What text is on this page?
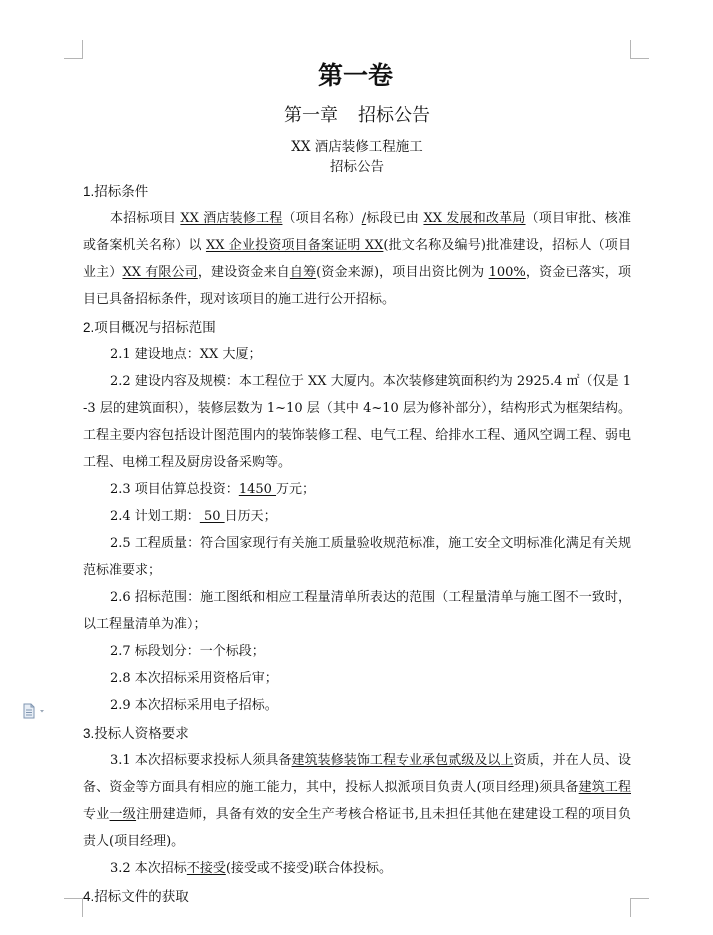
第一卷
第一章 招标公告
XX 酒店装修工程施工
招标公告
1.招标条件
本招标项目 XX 酒店装修工程（项目名称）/标段已由 XX 发展和改革局（项目审批、核准或备案机关名称）以 XX 企业投资项目备案证明 XX(批文名称及编号)批准建设，招标人（项目业主）XX 有限公司，建设资金来自自筹(资金来源)，项目出资比例为 100%，资金已落实，项目已具备招标条件，现对该项目的施工进行公开招标。
2.项目概况与招标范围
2.1 建设地点：XX 大厦；
2.2 建设内容及规模：本工程位于 XX 大厦内。本次装修建筑面积约为 2925.4 ㎡（仅是 1-3 层的建筑面积），装修层数为 1~10 层（其中 4~10 层为修补部分），结构形式为框架结构。工程主要内容包括设计图范围内的装饰装修工程、电气工程、给排水工程、通风空调工程、弱电工程、电梯工程及厨房设备采购等。
2.3 项目估算总投资：1450 万元；
2.4 计划工期： 50 日历天；
2.5 工程质量：符合国家现行有关施工质量验收规范标准，施工安全文明标准化满足有关规范标准要求；
2.6 招标范围：施工图纸和相应工程量清单所表达的范围（工程量清单与施工图不一致时，以工程量清单为准）；
2.7 标段划分：一个标段；
2.8 本次招标采用资格后审；
2.9 本次招标采用电子招标。
3.投标人资格要求
3.1 本次招标要求投标人须具备建筑装修装饰工程专业承包贰级及以上资质，并在人员、设备、资金等方面具有相应的施工能力，其中，投标人拟派项目负责人(项目经理)须具备建筑工程专业一级注册建造师，具备有效的安全生产考核合格证书,且未担任其他在建建设工程的项目负责人(项目经理)。
3.2 本次招标不接受(接受或不接受)联合体投标。
4.招标文件的获取
